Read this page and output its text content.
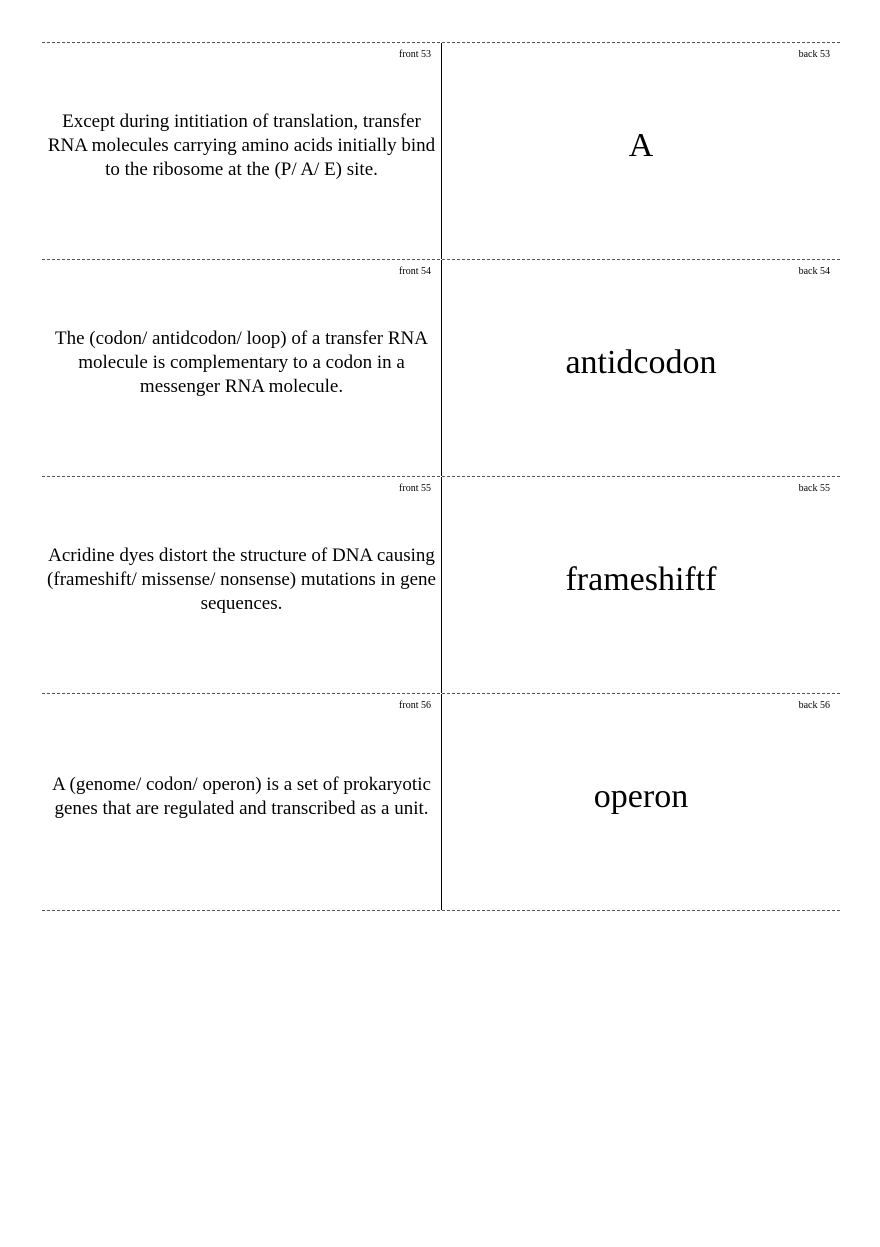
front 53
Except during intitiation of translation, transfer RNA molecules carrying amino acids initially bind to the ribosome at the (P/ A/ E) site.
back 53
A
front 54
The (codon/ antidcodon/ loop) of a transfer RNA molecule is complementary to a codon in a messenger RNA molecule.
back 54
antidcodon
front 55
Acridine dyes distort the structure of DNA causing (frameshift/ missense/ nonsense) mutations in gene sequences.
back 55
frameshiftf
front 56
A (genome/ codon/ operon) is a set of prokaryotic genes that are regulated and transcribed as a unit.
back 56
operon
